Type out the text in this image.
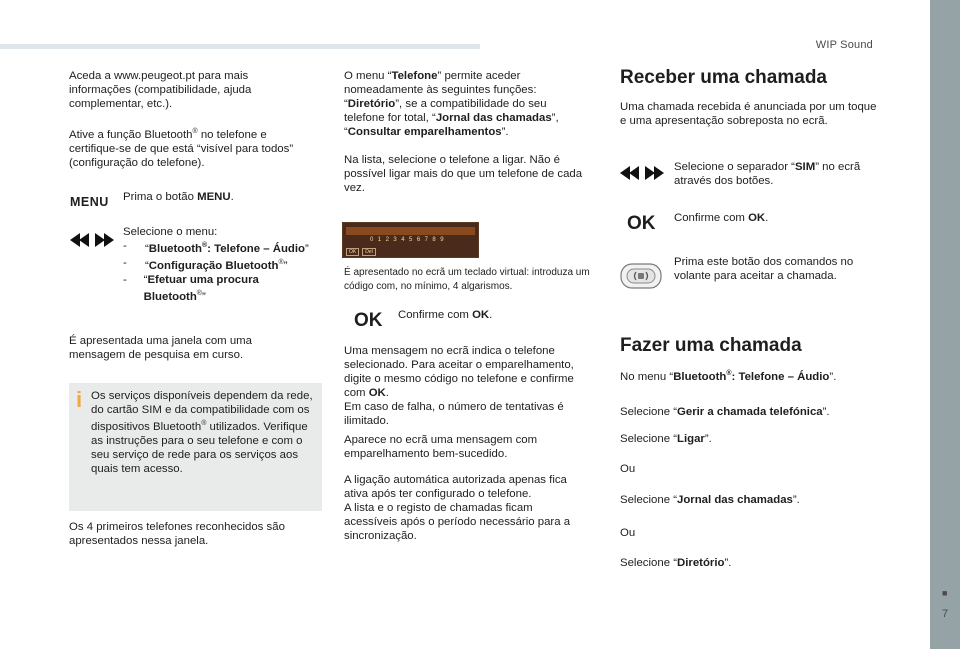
WIP Sound
■
7

Aceda a www.peugeot.pt para mais informações (compatibilidade, ajuda complementar, etc.).

Ative a função Bluetooth® no telefone e certifique-se de que está “visível para todos” (configuração do telefone).

MENU Prima o botão MENU.

Selecione o menu:

-	“Bluetooth®: Telefone – Áudio”
-	“Configuração Bluetooth®”
-	“Efetuar uma procura Bluetooth®”

É apresentada uma janela com uma mensagem de pesquisa em curso.

i Os serviços disponíveis dependem da rede, do cartão SIM e da compatibilidade com os dispositivos Bluetooth® utilizados. Verifique as instruções para o seu telefone e com o seu serviço de rede para os serviços aos quais tem acesso.

Os 4 primeiros telefones reconhecidos são apresentados nessa janela.

O menu “Telefone” permite aceder nomeadamente às seguintes funções: “Diretório”, se a compatibilidade do seu telefone for total, “Jornal das chamadas”, “Consultar emparelhamentos”.

Na lista, selecione o telefone a ligar. Não é possível ligar mais do que um telefone de cada vez.

0 1 2 3 4 5 6 7 8 9
OK Del

É apresentado no ecrã um teclado virtual: introduza um código com, no mínimo, 4 algarismos.

OK Confirme com OK.

Uma mensagem no ecrã indica o telefone selecionado. Para aceitar o emparelhamento, digite o mesmo código no telefone e confirme com OK.
Em caso de falha, o número de tentativas é ilimitado.

Aparece no ecrã uma mensagem com emparelhamento bem-sucedido.

A ligação automática autorizada apenas fica ativa após ter configurado o telefone.
A lista e o registo de chamadas ficam acessíveis após o período necessário para a sincronização.

Receber uma chamada

Uma chamada recebida é anunciada por um toque e uma apresentação sobreposta no ecrã.

Selecione o separador “SIM” no ecrã através dos botões.

OK Confirme com OK.

Prima este botão dos comandos no volante para aceitar a chamada.

Fazer uma chamada

No menu “Bluetooth®: Telefone – Áudio”.

Selecione “Gerir a chamada telefónica”.

Selecione “Ligar”.

Ou

Selecione “Jornal das chamadas”.

Ou

Selecione “Diretório”.
